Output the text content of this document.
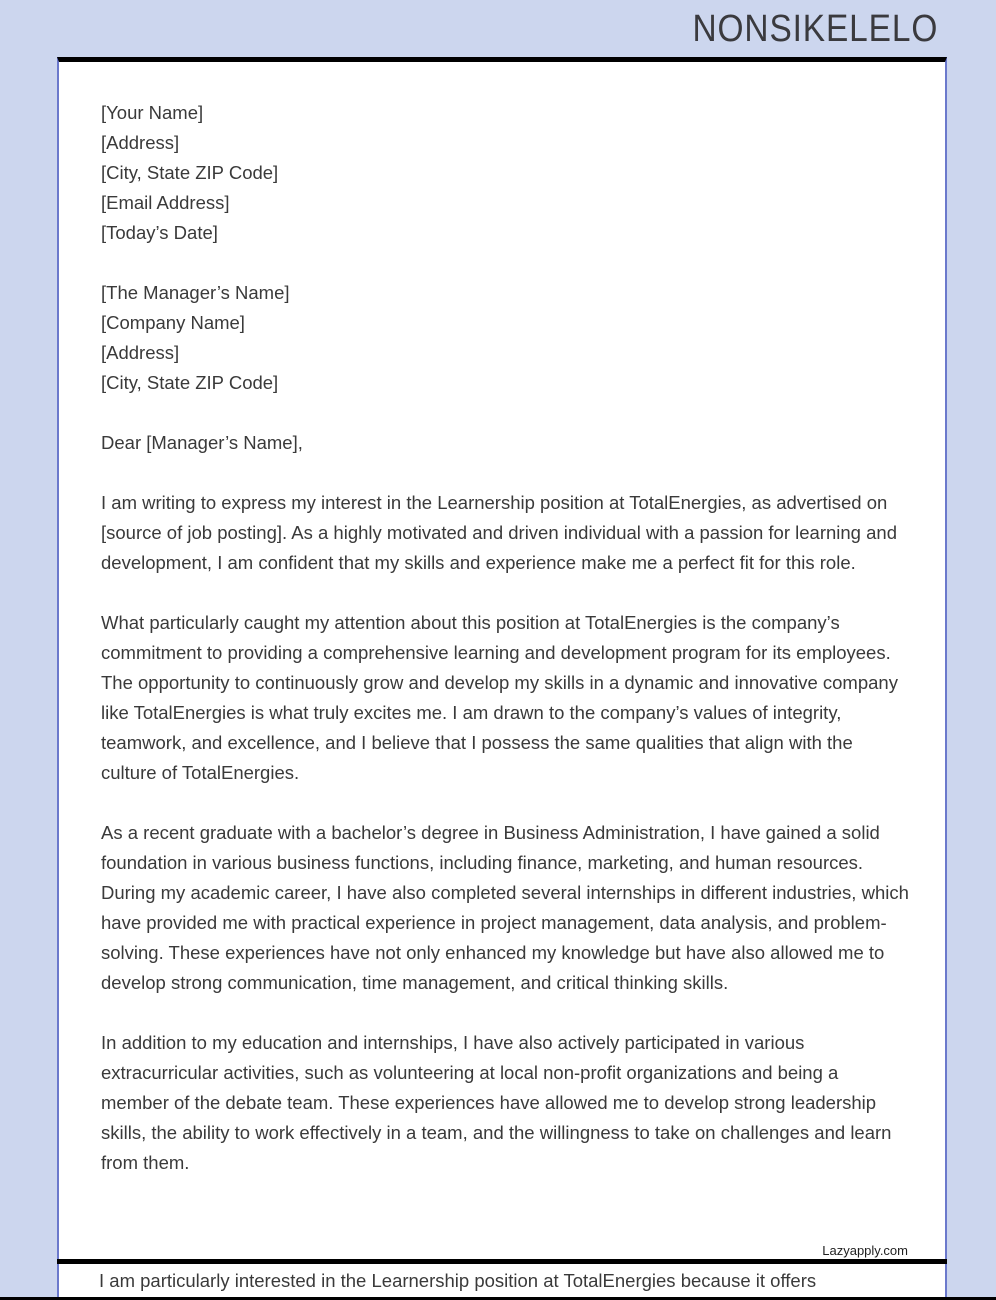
NONSIKELELO

[Your Name]

[Address]

[City, State ZIP Code]

[Email Address]

[Today’s Date]

[The Manager’s Name]

[Company Name]

[Address]

[City, State ZIP Code]

Dear [Manager’s Name],

I am writing to express my interest in the Learnership position at TotalEnergies, as advertised on [source of job posting]. As a highly motivated and driven individual with a passion for learning and development, I am confident that my skills and experience make me a perfect fit for this role.

What particularly caught my attention about this position at TotalEnergies is the company’s commitment to providing a comprehensive learning and development program for its employees. The opportunity to continuously grow and develop my skills in a dynamic and innovative company like TotalEnergies is what truly excites me. I am drawn to the company’s values of integrity, teamwork, and excellence, and I believe that I possess the same qualities that align with the culture of TotalEnergies.

As a recent graduate with a bachelor’s degree in Business Administration, I have gained a solid foundation in various business functions, including finance, marketing, and human resources. During my academic career, I have also completed several internships in different industries, which have provided me with practical experience in project management, data analysis, and problem-solving. These experiences have not only enhanced my knowledge but have also allowed me to develop strong communication, time management, and critical thinking skills.

In addition to my education and internships, I have also actively participated in various extracurricular activities, such as volunteering at local non-profit organizations and being a member of the debate team. These experiences have allowed me to develop strong leadership skills, the ability to work effectively in a team, and the willingness to take on challenges and learn from them.

Lazyapply.com

I am particularly interested in the Learnership position at TotalEnergies because it offers
